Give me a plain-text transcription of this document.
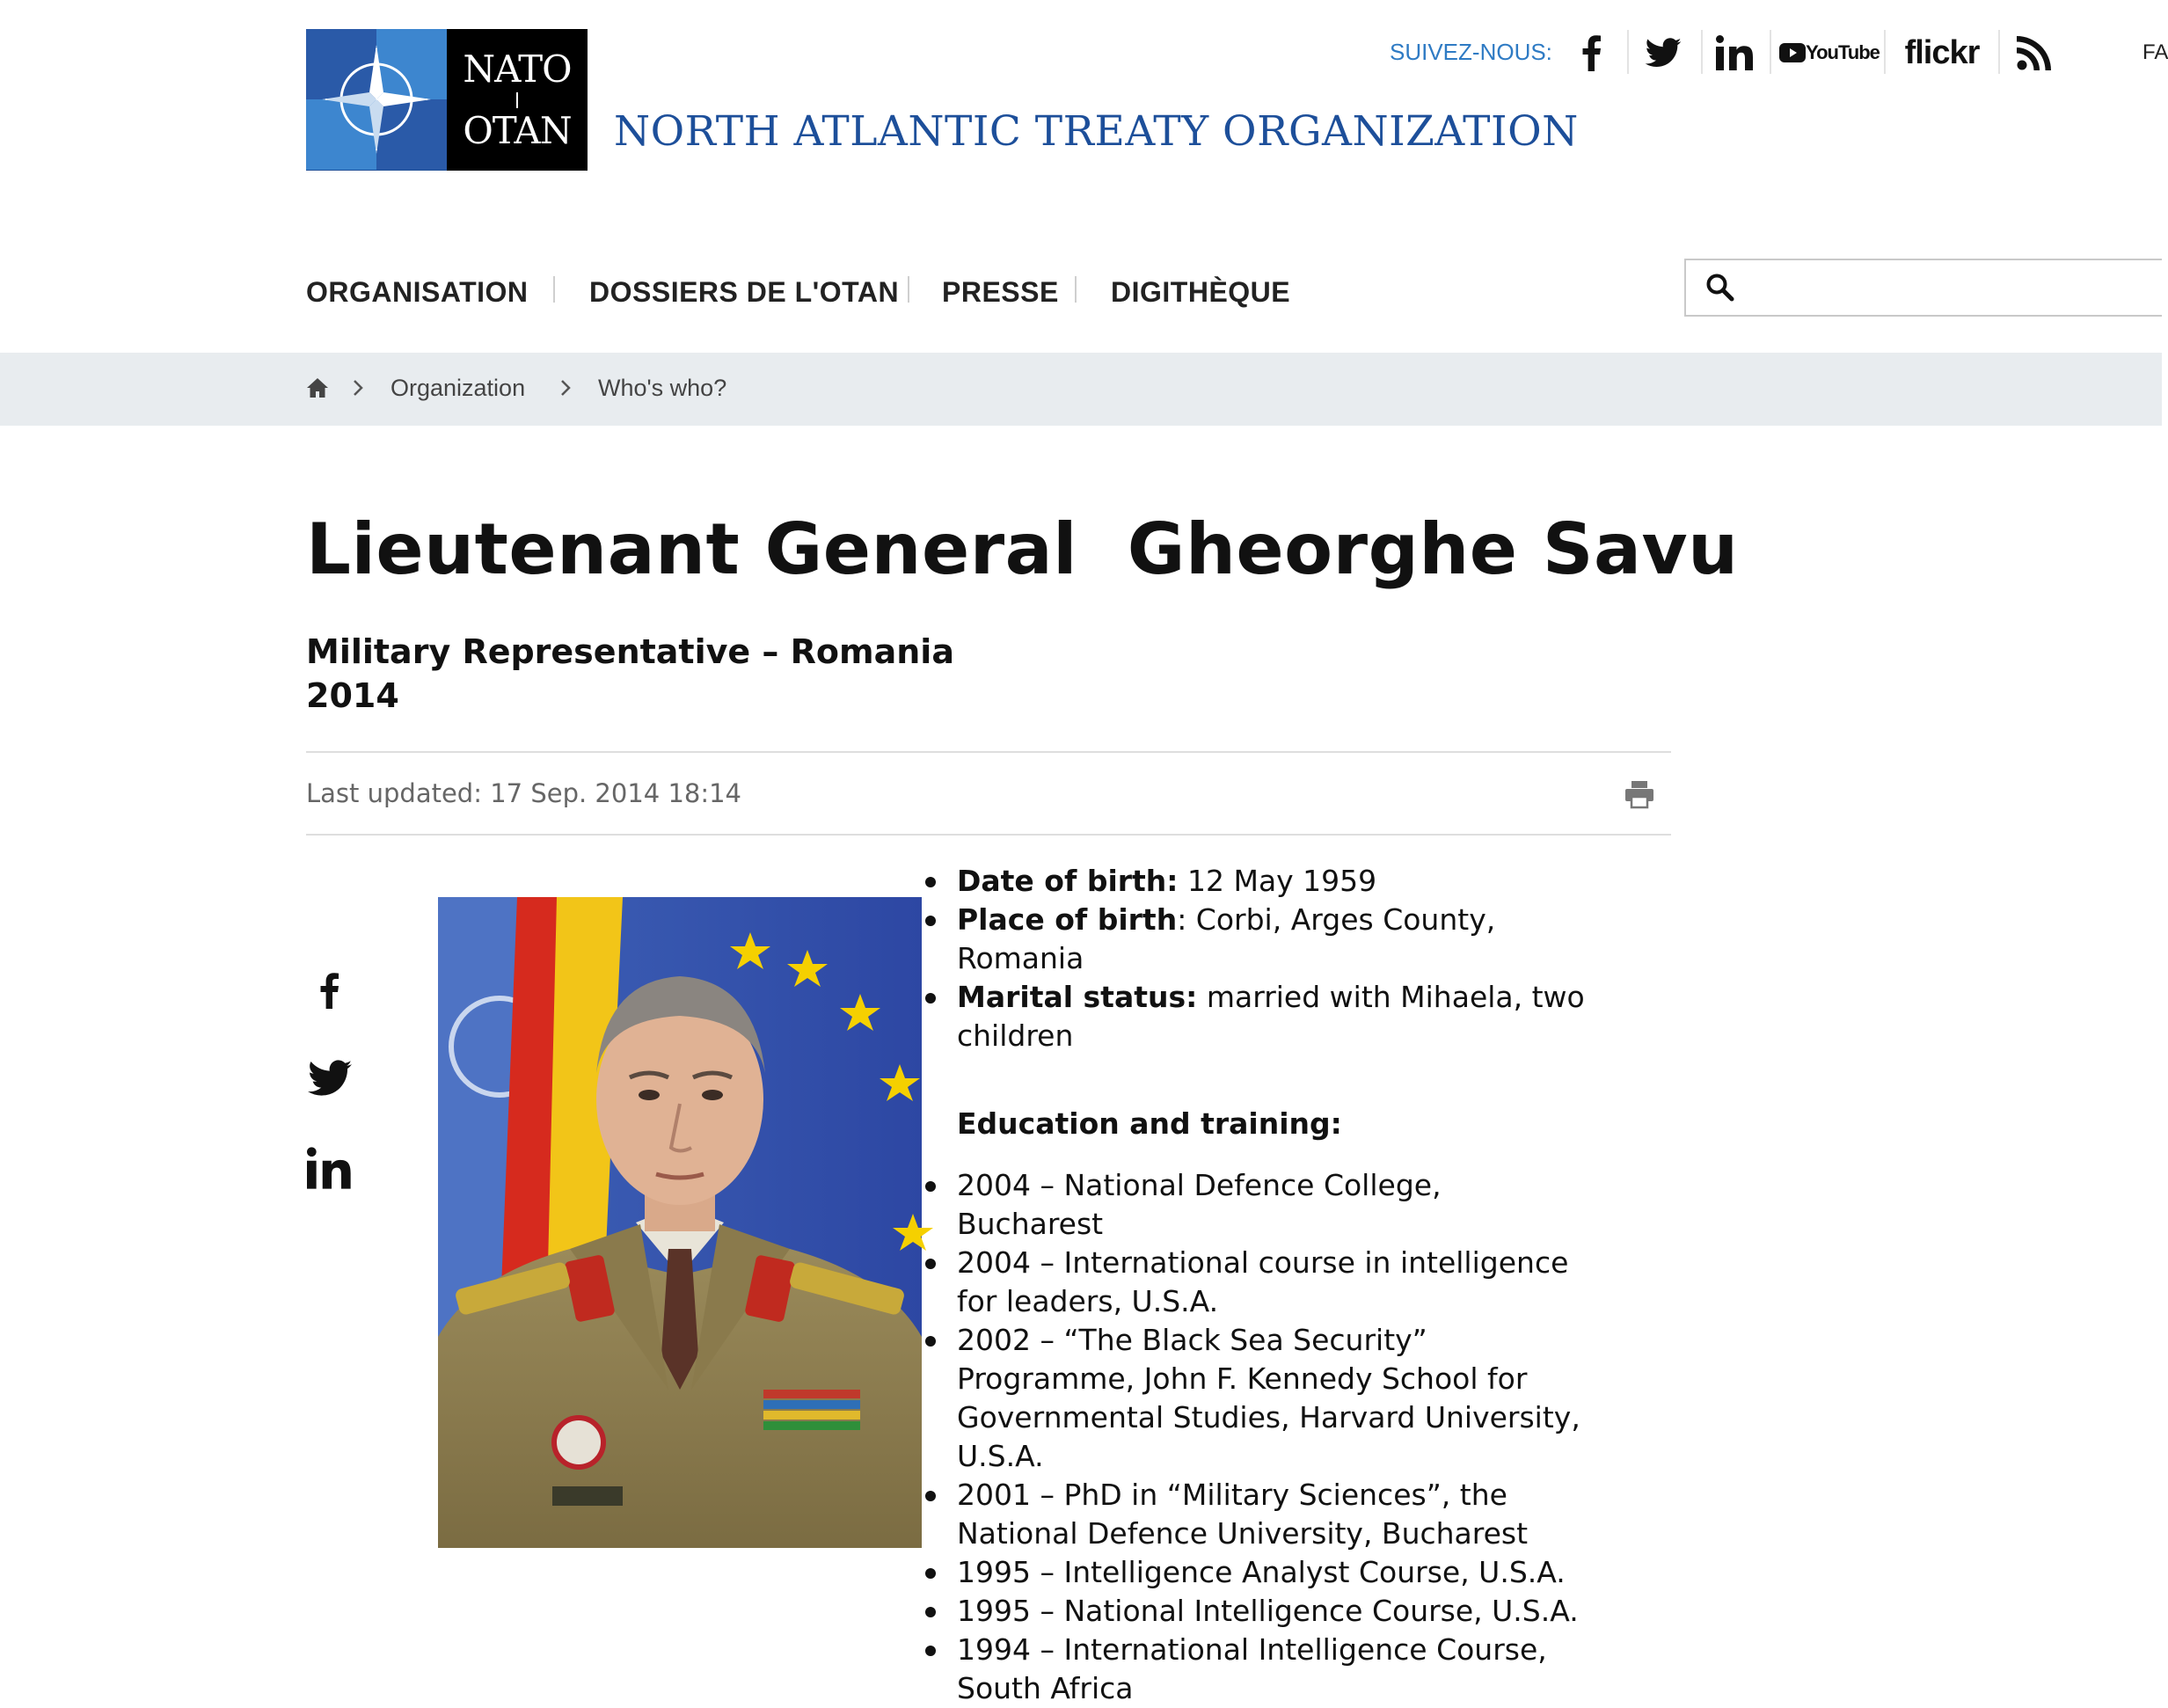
NATO
OTAN NORTH ATLANTIC TREATY ORGANIZATION
SUIVEZ-NOUS:	YouTube flickr	FA
ORGANISATION DOSSIERS DE L'OTAN PRESSE DIGITHÈQUE
Organization	Who's who?
Lieutenant General  Gheorghe Savu
Military Representative – Romania
2014
Last updated: 17 Sep. 2014 18:14
Date of birth: 12 May 1959
Place of birth: Corbi, Arges County, Romania
Marital status: married with Mihaela, two children
Education and training:
2004 – National Defence College, Bucharest
2004 – International course in intelligence for leaders, U.S.A.
2002 – “The Black Sea Security” Programme, John F. Kennedy School for Governmental Studies, Harvard University, U.S.A.
2001 – PhD in “Military Sciences”, the National Defence University, Bucharest
1995 – Intelligence Analyst Course, U.S.A.
1995 – National Intelligence Course, U.S.A.
1994 – International Intelligence Course, South Africa
